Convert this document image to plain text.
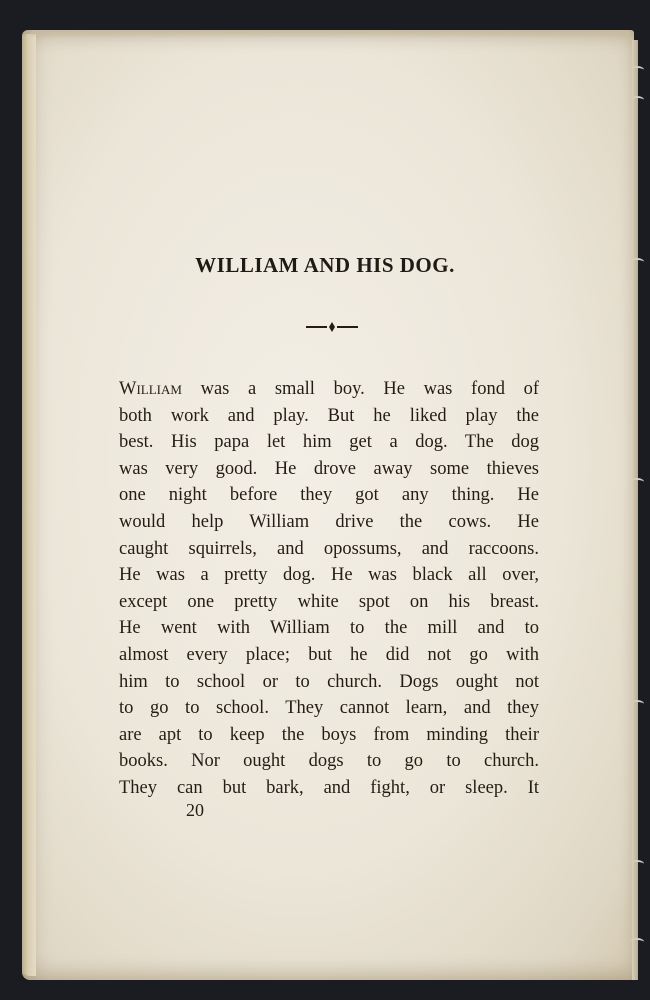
WILLIAM AND HIS DOG.
William was a small boy. He was fond of
both work and play. But he liked play the
best. His papa let him get a dog. The dog
was very good. He drove away some thieves
one night before they got any thing. He
would help William drive the cows. He
caught squirrels, and opossums, and raccoons.
He was a pretty dog. He was black all over,
except one pretty white spot on his breast.
He went with William to the mill and to
almost every place; but he did not go with
him to school or to church. Dogs ought not
to go to school. They cannot learn, and they
are apt to keep the boys from minding their
books. Nor ought dogs to go to church.
They can but bark, and fight, or sleep. It
20
